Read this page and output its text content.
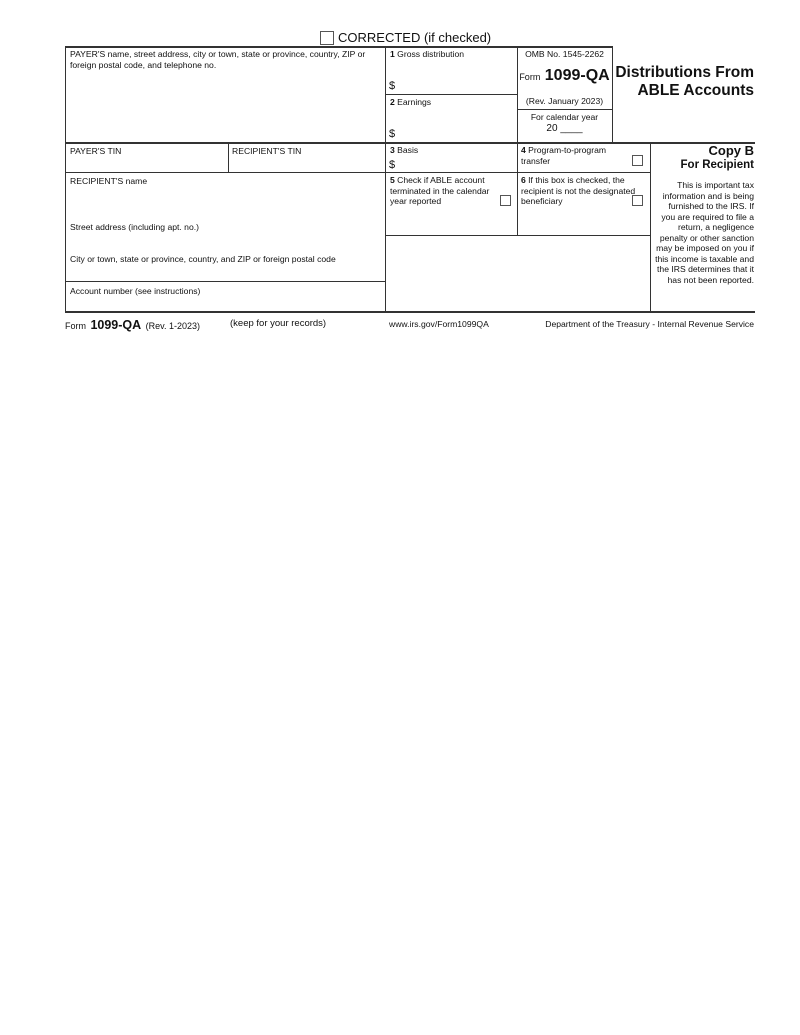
CORRECTED (if checked)
PAYER'S name, street address, city or town, state or province, country, ZIP or foreign postal code, and telephone no.
PAYER'S TIN	RECIPIENT'S TIN
RECIPIENT'S name
Street address (including apt. no.)
City or town, state or province, country, and ZIP or foreign postal code
Account number (see instructions)
1 Gross distribution
$
2 Earnings
$
3 Basis
$
4 Program-to-program transfer
5 Check if ABLE account terminated in the calendar year reported
6 If this box is checked, the recipient is not the designated beneficiary
OMB No. 1545-2262
Form 1099-QA
(Rev. January 2023)
For calendar year
20 ____
Distributions From ABLE Accounts
Copy B
For Recipient
This is important tax information and is being furnished to the IRS. If you are required to file a return, a negligence penalty or other sanction may be imposed on you if this income is taxable and the IRS determines that it has not been reported.
Form 1099-QA (Rev. 1-2023)	(keep for your records)	www.irs.gov/Form1099QA	Department of the Treasury - Internal Revenue Service
